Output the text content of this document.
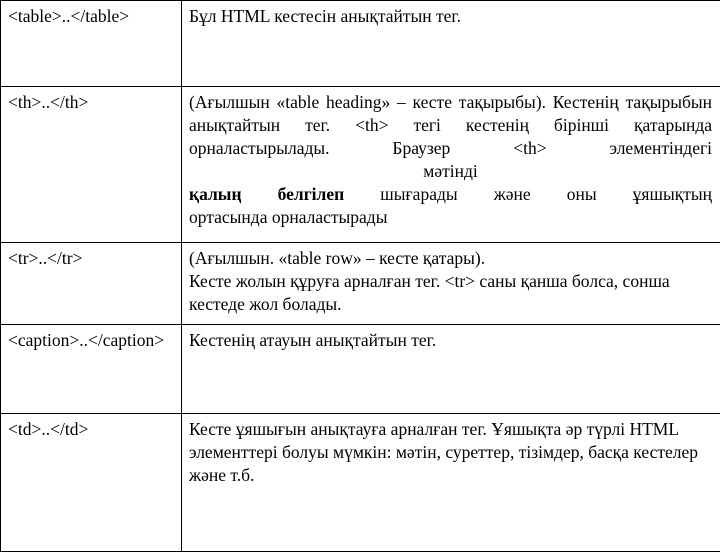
<table>..</table>	Бұл HTML кестесін анықтайтын тег.
<th>..</th>	(Ағылшын «table heading» – кесте тақырыбы). Кестенің тақырыбын анықтайтын тег. <th> тегі кестенің бірінші қатарында орналастырылады. Браузер <th> элементіндегі
мәтінді
қалың белгілеп шығарады және оны ұяшықтың
ортасында орналастырады

<tr>..</tr>	(Ағылшын. «table row» – кесте қатары).
Кесте жолын құруға арналған тег. <tr> саны қанша болса, сонша кестеде жол болады.

<caption>..</caption>	Кестенің атауын анықтайтын тег.
<td>..</td>	Кесте ұяшығын анықтауға арналған тег. Ұяшықта әр түрлі HTML элементтері болуы мүмкін: мәтін, суреттер, тізімдер, басқа кестелер және т.б.
